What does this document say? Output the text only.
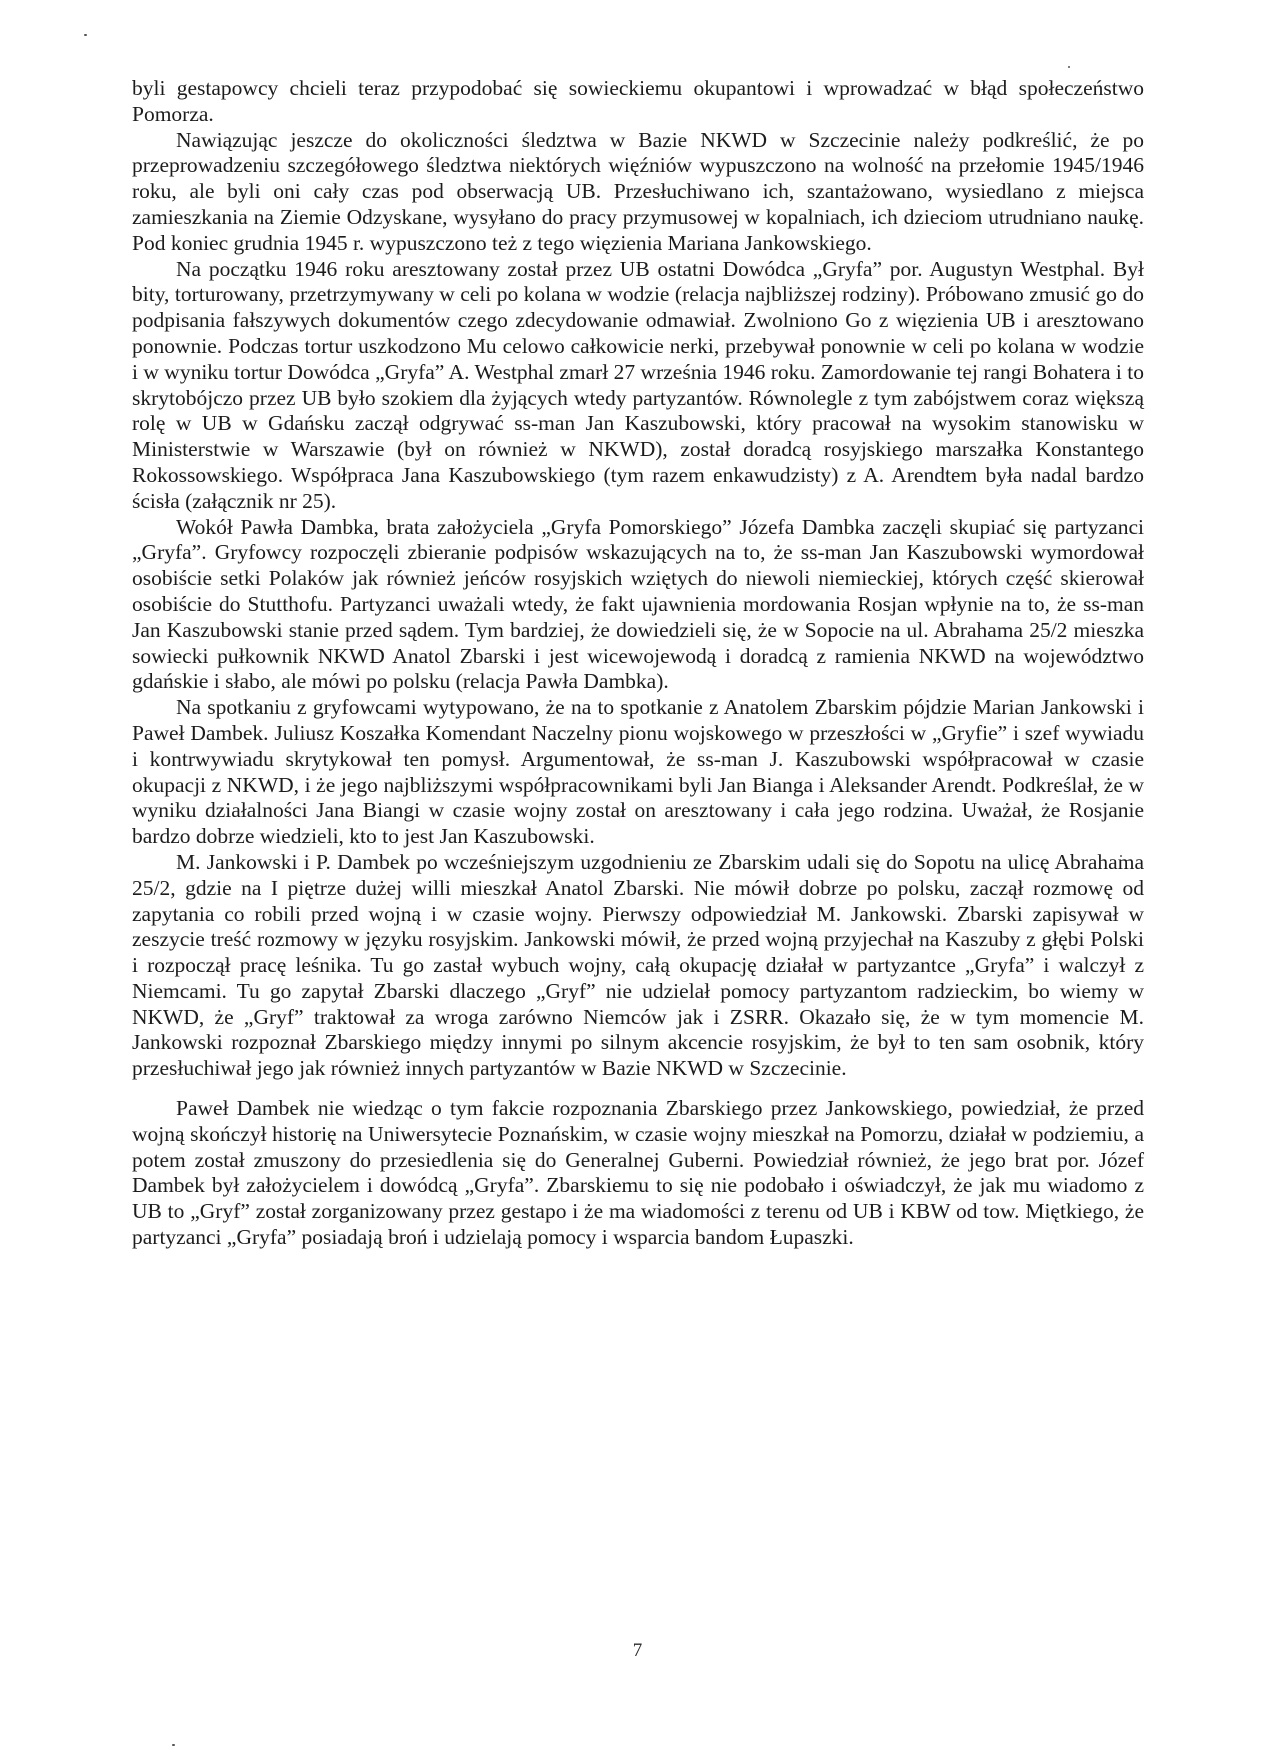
byli gestapowcy chcieli teraz przypodobać się sowieckiemu okupantowi i wprowadzać w błąd społeczeństwo Pomorza.

Nawiązując jeszcze do okoliczności śledztwa w Bazie NKWD w Szczecinie należy podkreślić, że po przeprowadzeniu szczegółowego śledztwa niektórych więźniów wypuszczono na wolność na przełomie 1945/1946 roku, ale byli oni cały czas pod obserwacją UB. Przesłuchiwano ich, szantażowano, wysiedlano z miejsca zamieszkania na Ziemie Odzyskane, wysyłano do pracy przymusowej w kopalniach, ich dzieciom utrudniano naukę. Pod koniec grudnia 1945 r. wypuszczono też z tego więzienia Mariana Jankowskiego.

Na początku 1946 roku aresztowany został przez UB ostatni Dowódca „Gryfa” por. Augustyn Westphal. Był bity, torturowany, przetrzymywany w celi po kolana w wodzie (relacja najbliższej rodziny). Próbowano zmusić go do podpisania fałszywych dokumentów czego zdecydowanie odmawiał. Zwolniono Go z więzienia UB i aresztowano ponownie. Podczas tortur uszkodzono Mu celowo całkowicie nerki, przebywał ponownie w celi po kolana w wodzie i w wyniku tortur Dowódca „Gryfa” A. Westphal zmarł 27 września 1946 roku. Zamordowanie tej rangi Bohatera i to skrytobójczo przez UB było szokiem dla żyjących wtedy partyzantów. Równolegle z tym zabójstwem coraz większą rolę w UB w Gdańsku zaczął odgrywać ss-man Jan Kaszubowski, który pracował na wysokim stanowisku w Ministerstwie w Warszawie (był on również w NKWD), został doradcą rosyjskiego marszałka Konstantego Rokossowskiego. Współpraca Jana Kaszubowskiego (tym razem enkawudzisty) z A. Arendtem była nadal bardzo ścisła (załącznik nr 25).

Wokół Pawła Dambka, brata założyciela „Gryfa Pomorskiego” Józefa Dambka zaczęli skupiać się partyzanci „Gryfa”. Gryfowcy rozpoczęli zbieranie podpisów wskazujących na to, że ss-man Jan Kaszubowski wymordował osobiście setki Polaków jak również jeńców rosyjskich wziętych do niewoli niemieckiej, których część skierował osobiście do Stutthofu. Partyzanci uważali wtedy, że fakt ujawnienia mordowania Rosjan wpłynie na to, że ss-man Jan Kaszubowski stanie przed sądem. Tym bardziej, że dowiedzieli się, że w Sopocie na ul. Abrahama 25/2 mieszka sowiecki pułkownik NKWD Anatol Zbarski i jest wicewojewodą i doradcą z ramienia NKWD na województwo gdańskie i słabo, ale mówi po polsku (relacja Pawła Dambka).

Na spotkaniu z gryfowcami wytypowano, że na to spotkanie z Anatolem Zbarskim pójdzie Marian Jankowski i Paweł Dambek. Juliusz Koszałka Komendant Naczelny pionu wojskowego w przeszłości w „Gryfie” i szef wywiadu i kontrwywiadu skrytykował ten pomysł. Argumentował, że ss-man J. Kaszubowski współpracował w czasie okupacji z NKWD, i że jego najbliższymi współpracownikami byli Jan Bianga i Aleksander Arendt. Podkreślał, że w wyniku działalności Jana Biangi w czasie wojny został on aresztowany i cała jego rodzina. Uważał, że Rosjanie bardzo dobrze wiedzieli, kto to jest Jan Kaszubowski.

M. Jankowski i P. Dambek po wcześniejszym uzgodnieniu ze Zbarskim udali się do Sopotu na ulicę Abrahama 25/2, gdzie na I piętrze dużej willi mieszkał Anatol Zbarski. Nie mówił dobrze po polsku, zaczął rozmowę od zapytania co robili przed wojną i w czasie wojny. Pierwszy odpowiedział M. Jankowski. Zbarski zapisywał w zeszycie treść rozmowy w języku rosyjskim. Jankowski mówił, że przed wojną przyjechał na Kaszuby z głębi Polski i rozpoczął pracę leśnika. Tu go zastał wybuch wojny, całą okupację działał w partyzantce „Gryfa” i walczył z Niemcami. Tu go zapytał Zbarski dlaczego „Gryf” nie udzielał pomocy partyzantom radzieckim, bo wiemy w NKWD, że „Gryf” traktował za wroga zarówno Niemców jak i ZSRR. Okazało się, że w tym momencie M. Jankowski rozpoznał Zbarskiego między innymi po silnym akcencie rosyjskim, że był to ten sam osobnik, który przesłuchiwał jego jak również innych partyzantów w Bazie NKWD w Szczecinie.

Paweł Dambek nie wiedząc o tym fakcie rozpoznania Zbarskiego przez Jankowskiego, powiedział, że przed wojną skończył historię na Uniwersytecie Poznańskim, w czasie wojny mieszkał na Pomorzu, działał w podziemiu, a potem został zmuszony do przesiedlenia się do Generalnej Guberni. Powiedział również, że jego brat por. Józef Dambek był założycielem i dowódcą „Gryfa”. Zbarskiemu to się nie podobało i oświadczył, że jak mu wiadomo z UB to „Gryf” został zorganizowany przez gestapo i że ma wiadomości z terenu od UB i KBW od tow. Miętkiego, że partyzanci „Gryfa” posiadają broń i udzielają pomocy i wsparcia bandom Łupaszki.

7
